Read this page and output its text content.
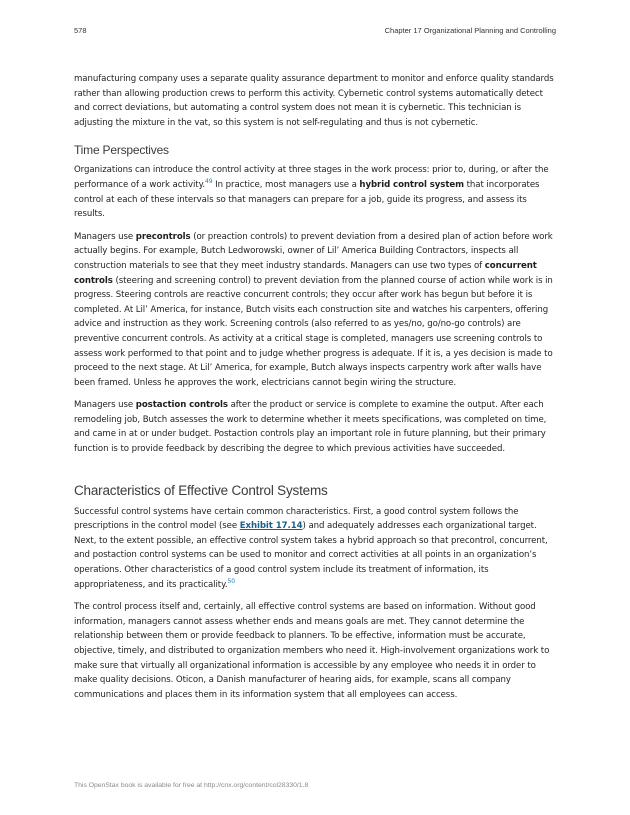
578	Chapter 17 Organizational Planning and Controlling

manufacturing company uses a separate quality assurance department to monitor and enforce quality standards rather than allowing production crews to perform this activity. Cybernetic control systems automatically detect and correct deviations, but automating a control system does not mean it is cybernetic. This technician is adjusting the mixture in the vat, so this system is not self-regulating and thus is not cybernetic.

Time Perspectives

Organizations can introduce the control activity at three stages in the work process: prior to, during, or after the performance of a work activity.$^{49}$ In practice, most managers use a hybrid control system that incorporates control at each of these intervals so that managers can prepare for a job, guide its progress, and assess its results.

Managers use precontrols (or preaction controls) to prevent deviation from a desired plan of action before work actually begins. For example, Butch Ledworowski, owner of Lil’ America Building Contractors, inspects all construction materials to see that they meet industry standards. Managers can use two types of concurrent controls (steering and screening control) to prevent deviation from the planned course of action while work is in progress. Steering controls are reactive concurrent controls; they occur after work has begun but before it is completed. At Lil’ America, for instance, Butch visits each construction site and watches his carpenters, offering advice and instruction as they work. Screening controls (also referred to as yes/no, go/no-go controls) are preventive concurrent controls. As activity at a critical stage is completed, managers use screening controls to assess work performed to that point and to judge whether progress is adequate. If it is, a yes decision is made to proceed to the next stage. At Lil’ America, for example, Butch always inspects carpentry work after walls have been framed. Unless he approves the work, electricians cannot begin wiring the structure.

Managers use postaction controls after the product or service is complete to examine the output. After each remodeling job, Butch assesses the work to determine whether it meets specifications, was completed on time, and came in at or under budget. Postaction controls play an important role in future planning, but their primary function is to provide feedback by describing the degree to which previous activities have succeeded.

Characteristics of Effective Control Systems

Successful control systems have certain common characteristics. First, a good control system follows the prescriptions in the control model (see Exhibit 17.14) and adequately addresses each organizational target. Next, to the extent possible, an effective control system takes a hybrid approach so that precontrol, concurrent, and postaction control systems can be used to monitor and correct activities at all points in an organization’s operations. Other characteristics of a good control system include its treatment of information, its appropriateness, and its practicality.$^{50}$

The control process itself and, certainly, all effective control systems are based on information. Without good information, managers cannot assess whether ends and means goals are met. They cannot determine the relationship between them or provide feedback to planners. To be effective, information must be accurate, objective, timely, and distributed to organization members who need it. High-involvement organizations work to make sure that virtually all organizational information is accessible by any employee who needs it in order to make quality decisions. Oticon, a Danish manufacturer of hearing aids, for example, scans all company communications and places them in its information system that all employees can access.

This OpenStax book is available for free at http://cnx.org/content/col28330/1.8
